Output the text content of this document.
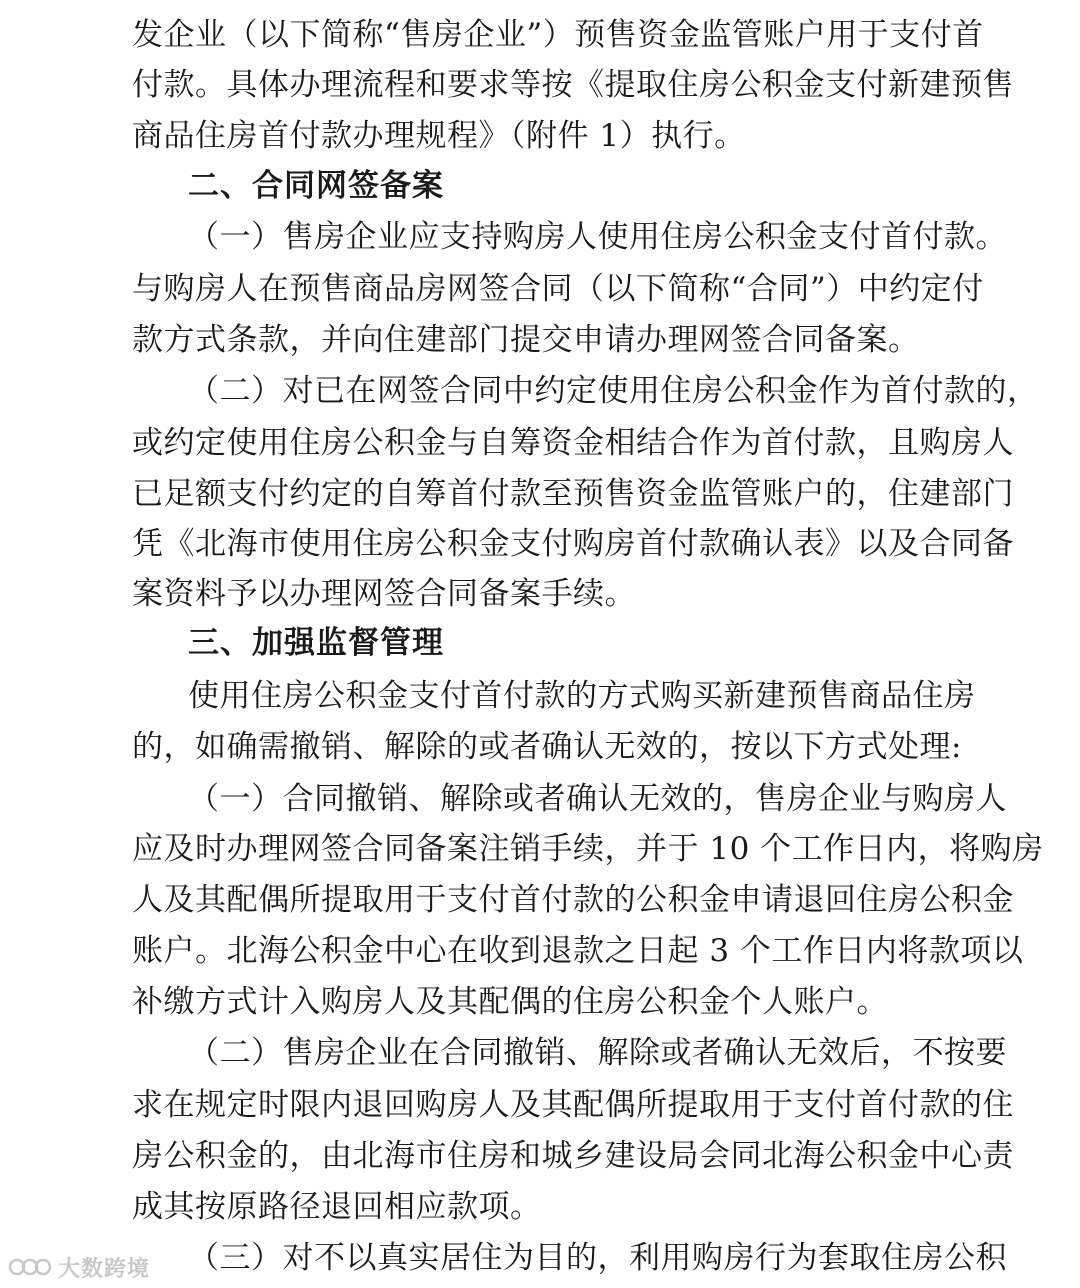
发企业（以下简称“售房企业”）预售资金监管账户用于支付首
付款。具体办理流程和要求等按《提取住房公积金支付新建预售
商品住房首付款办理规程》（附件 1）执行。
二、合同网签备案
（一）售房企业应支持购房人使用住房公积金支付首付款。
与购房人在预售商品房网签合同（以下简称“合同”）中约定付
款方式条款，并向住建部门提交申请办理网签合同备案。
（二）对已在网签合同中约定使用住房公积金作为首付款的，
或约定使用住房公积金与自筹资金相结合作为首付款，且购房人
已足额支付约定的自筹首付款至预售资金监管账户的，住建部门
凭《北海市使用住房公积金支付购房首付款确认表》以及合同备
案资料予以办理网签合同备案手续。
三、加强监督管理
使用住房公积金支付首付款的方式购买新建预售商品住房
的，如确需撤销、解除的或者确认无效的，按以下方式处理:
（一）合同撤销、解除或者确认无效的，售房企业与购房人
应及时办理网签合同备案注销手续，并于 10 个工作日内，将购房
人及其配偶所提取用于支付首付款的公积金申请退回住房公积金
账户。北海公积金中心在收到退款之日起 3 个工作日内将款项以
补缴方式计入购房人及其配偶的住房公积金个人账户。
（二）售房企业在合同撤销、解除或者确认无效后，不按要
求在规定时限内退回购房人及其配偶所提取用于支付首付款的住
房公积金的，由北海市住房和城乡建设局会同北海公积金中心责
成其按原路径退回相应款项。
（三）对不以真实居住为目的，利用购房行为套取住房公积
大数跨境
